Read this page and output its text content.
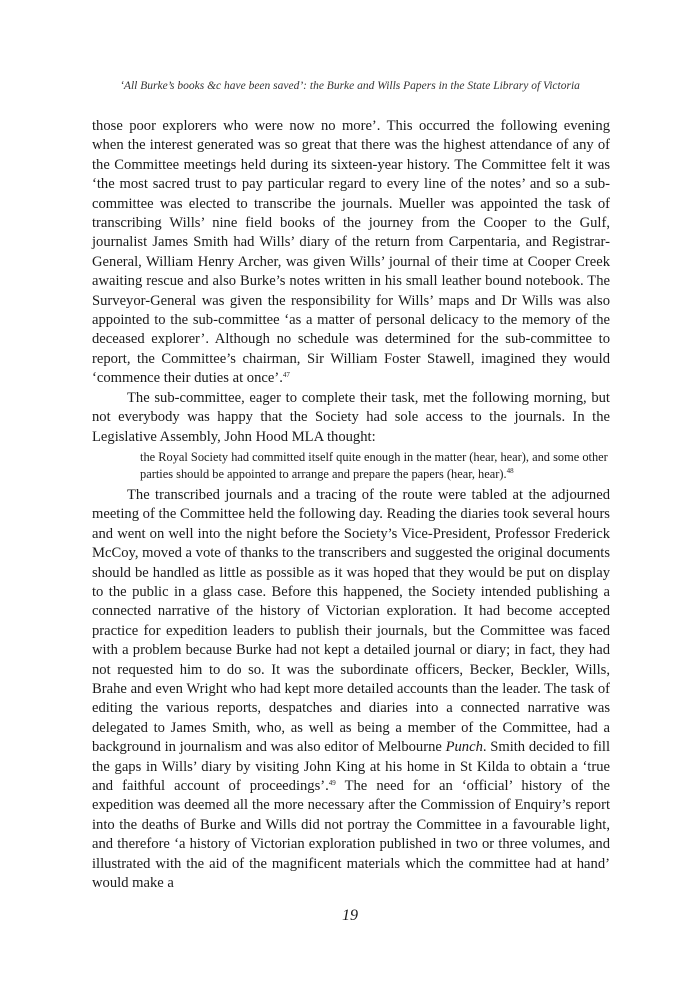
‘All Burke’s books &c have been saved’: the Burke and Wills Papers in the State Library of Victoria

those poor explorers who were now no more’. This occurred the following evening when the interest generated was so great that there was the highest attendance of any of the Committee meetings held during its sixteen-year history. The Committee felt it was ‘the most sacred trust to pay particular regard to every line of the notes’ and so a sub-committee was elected to transcribe the journals. Mueller was appointed the task of transcribing Wills’ nine field books of the journey from the Cooper to the Gulf, journalist James Smith had Wills’ diary of the return from Carpentaria, and Registrar-General, William Henry Archer, was given Wills’ journal of their time at Cooper Creek awaiting rescue and also Burke’s notes written in his small leather bound notebook. The Surveyor-General was given the responsibility for Wills’ maps and Dr Wills was also appointed to the sub-committee ‘as a matter of personal delicacy to the memory of the deceased explorer’. Although no schedule was determined for the sub-committee to report, the Committee’s chairman, Sir William Foster Stawell, imagined they would ‘commence their duties at once’.$^{47}$

The sub-committee, eager to complete their task, met the following morning, but not everybody was happy that the Society had sole access to the journals. In the Legislative Assembly, John Hood MLA thought:

the Royal Society had committed itself quite enough in the matter (hear, hear), and some other parties should be appointed to arrange and prepare the papers (hear, hear).$^{48}$

The transcribed journals and a tracing of the route were tabled at the adjourned meeting of the Committee held the following day. Reading the diaries took several hours and went on well into the night before the Society’s Vice-President, Professor Frederick McCoy, moved a vote of thanks to the transcribers and suggested the original documents should be handled as little as possible as it was hoped that they would be put on display to the public in a glass case. Before this happened, the Society intended publishing a connected narrative of the history of Victorian exploration. It had become accepted practice for expedition leaders to publish their journals, but the Committee was faced with a problem because Burke had not kept a detailed journal or diary; in fact, they had not requested him to do so. It was the subordinate officers, Becker, Beckler, Wills, Brahe and even Wright who had kept more detailed accounts than the leader. The task of editing the various reports, despatches and diaries into a connected narrative was delegated to James Smith, who, as well as being a member of the Committee, had a background in journalism and was also editor of Melbourne Punch. Smith decided to fill the gaps in Wills’ diary by visiting John King at his home in St Kilda to obtain a ‘true and faithful account of proceedings’.$^{49}$ The need for an ‘official’ history of the expedition was deemed all the more necessary after the Commission of Enquiry’s report into the deaths of Burke and Wills did not portray the Committee in a favourable light, and therefore ‘a history of Victorian exploration published in two or three volumes, and illustrated with the aid of the magnificent materials which the committee had at hand’ would make a

19
